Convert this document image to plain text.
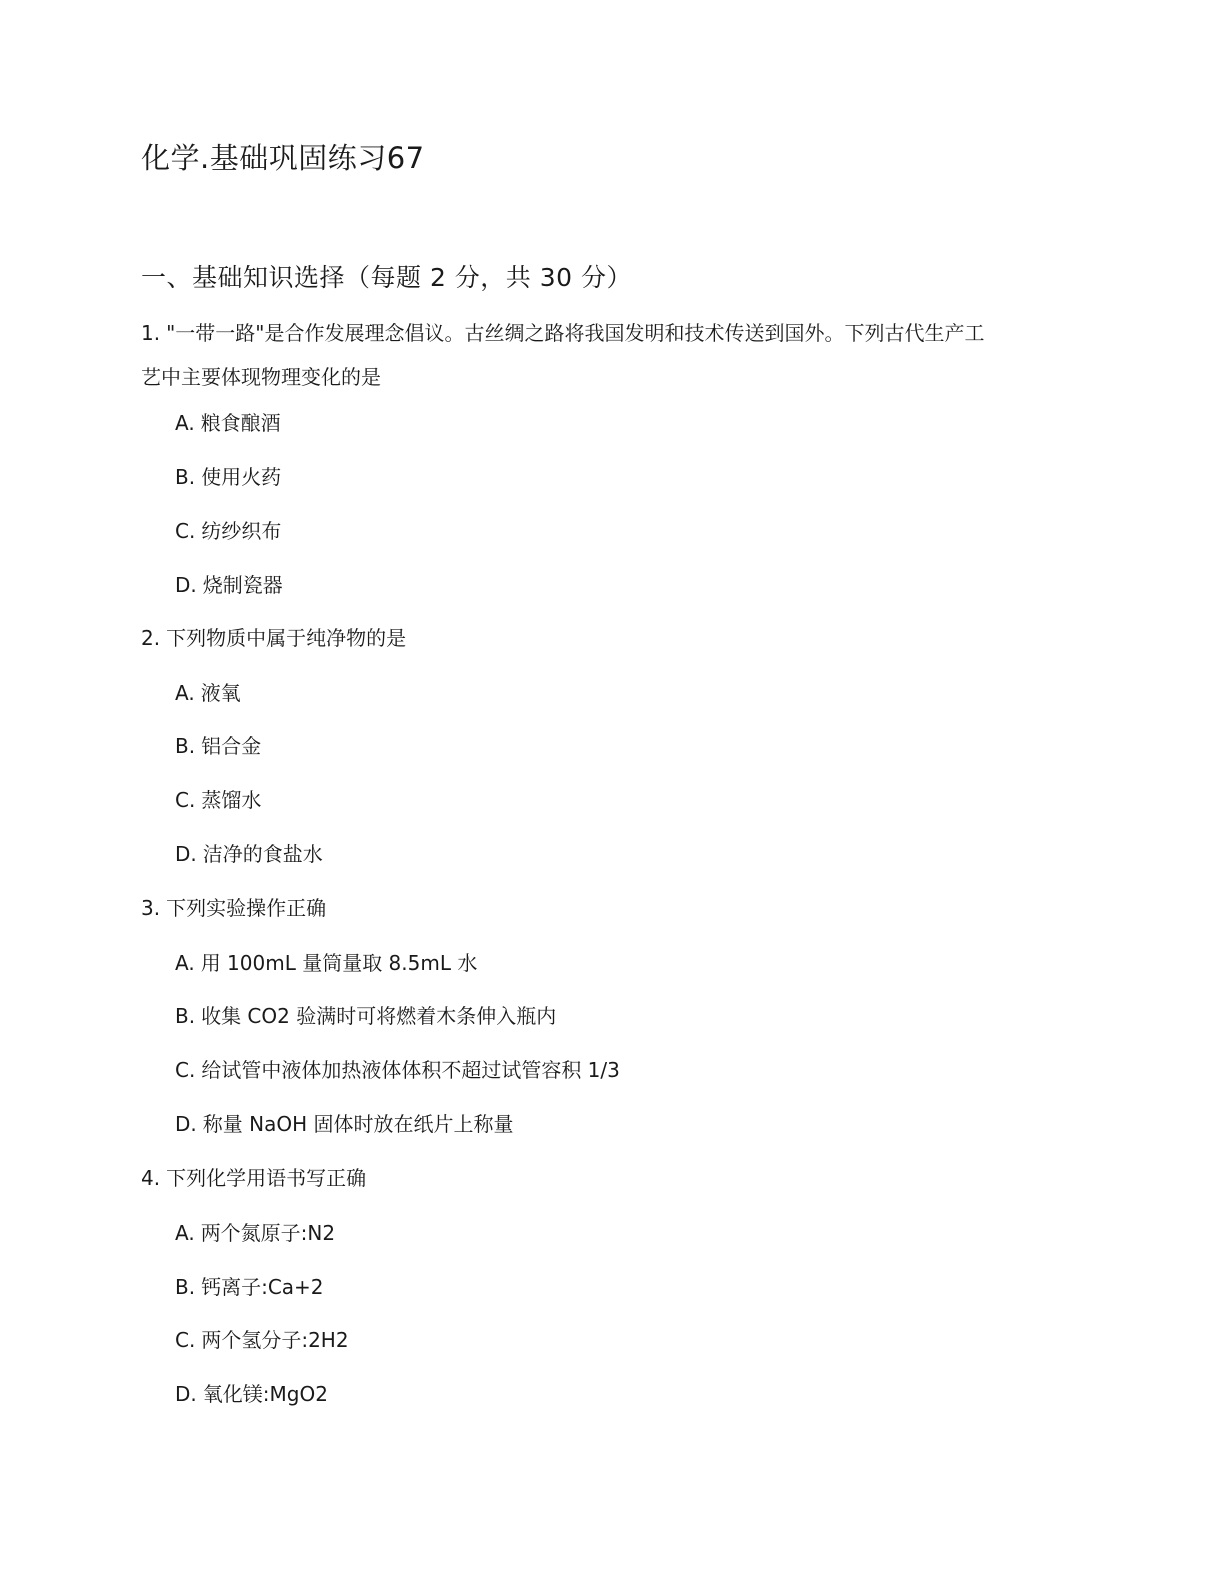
化学.基础巩固练习67
一、基础知识选择（每题 2 分，共 30 分）

1. "一带一路"是合作发展理念倡议。古丝绸之路将我国发明和技术传送到国外。下列古代生产工

艺中主要体现物理变化的是

A. 粮食酿酒

B. 使用火药

C. 纺纱织布

D. 烧制瓷器

2. 下列物质中属于纯净物的是

A. 液氧

B. 铝合金

C. 蒸馏水

D. 洁净的食盐水

3. 下列实验操作正确

A. 用 100mL 量筒量取 8.5mL 水

B. 收集 CO2 验满时可将燃着木条伸入瓶内

C. 给试管中液体加热液体体积不超过试管容积 1/3

D. 称量 NaOH 固体时放在纸片上称量

4. 下列化学用语书写正确

A. 两个氮原子:N2

B. 钙离子:Ca+2

C. 两个氢分子:2H2

D. 氧化镁:MgO2
